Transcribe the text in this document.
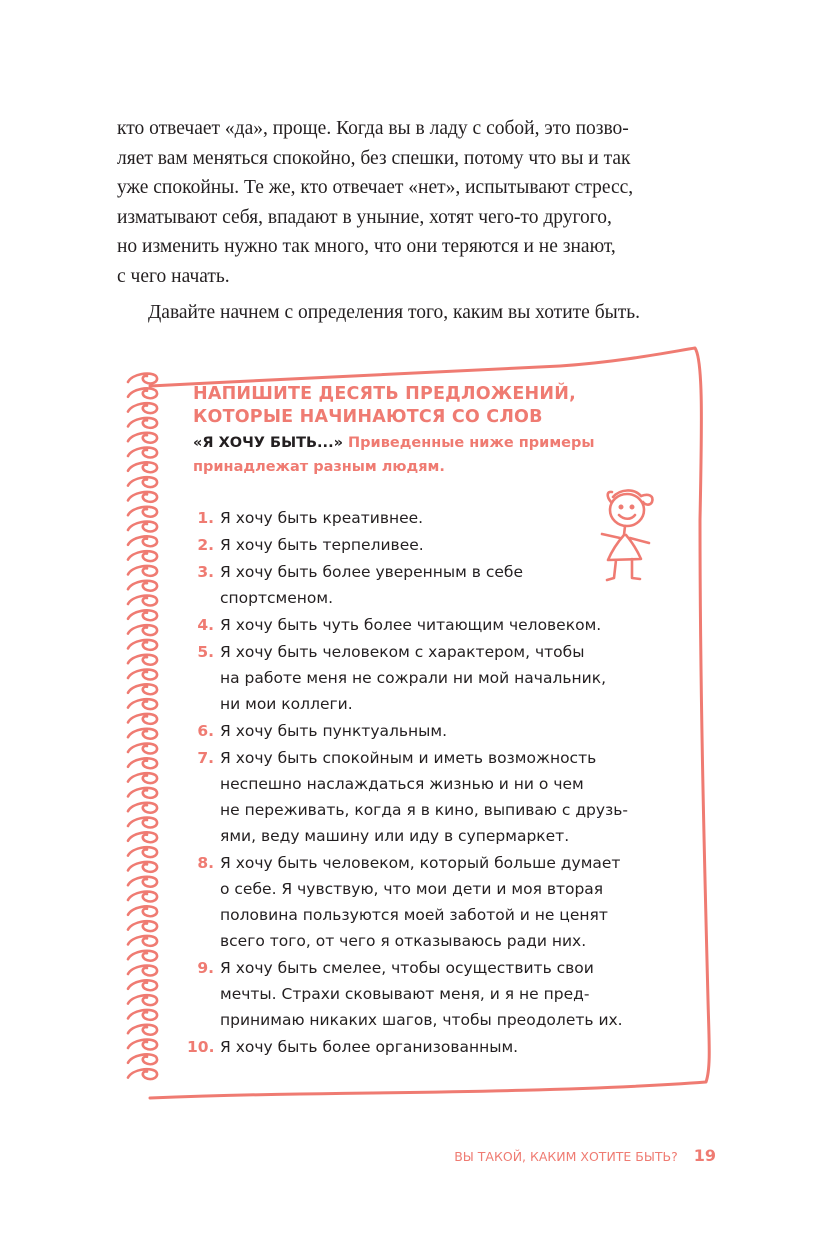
кто отвечает «да», проще. Когда вы в ладу с собой, это позво-

ляет вам меняться спокойно, без спешки, потому что вы и так

уже спокойны. Те же, кто отвечает «нет», испытывают стресс,

изматывают себя, впадают в уныние, хотят чего-то другого,

но изменить нужно так много, что они теряются и не знают,

с чего начать.

Давайте начнем с определения того, каким вы хотите быть.

НАПИШИТЕ ДЕСЯТЬ ПРЕДЛОЖЕНИЙ,
КОТОРЫЕ НАЧИНАЮТСЯ СО СЛОВ
«Я ХОЧУ БЫТЬ...» Приведенные ниже примеры
принадлежат разным людям.
1. Я хочу быть креативнее.
2. Я хочу быть терпеливее.
3. Я хочу быть более уверенным в себе
спортсменом.
4. Я хочу быть чуть более читающим человеком.
5. Я хочу быть человеком с характером, чтобы
на работе меня не сожрали ни мой начальник,
ни мои коллеги.
6. Я хочу быть пунктуальным.
7. Я хочу быть спокойным и иметь возможность
неспешно наслаждаться жизнью и ни о чем
не переживать, когда я в кино, выпиваю с друзь-
ями, веду машину или иду в супермаркет.
8. Я хочу быть человеком, который больше думает
о себе. Я чувствую, что мои дети и моя вторая
половина пользуются моей заботой и не ценят
всего того, от чего я отказываюсь ради них.
9. Я хочу быть смелее, чтобы осуществить свои
мечты. Страхи сковывают меня, и я не пред-
принимаю никаких шагов, чтобы преодолеть их.
10. Я хочу быть более организованным.
ВЫ ТАКОЙ, КАКИМ ХОТИТЕ БЫТЬ? 19
